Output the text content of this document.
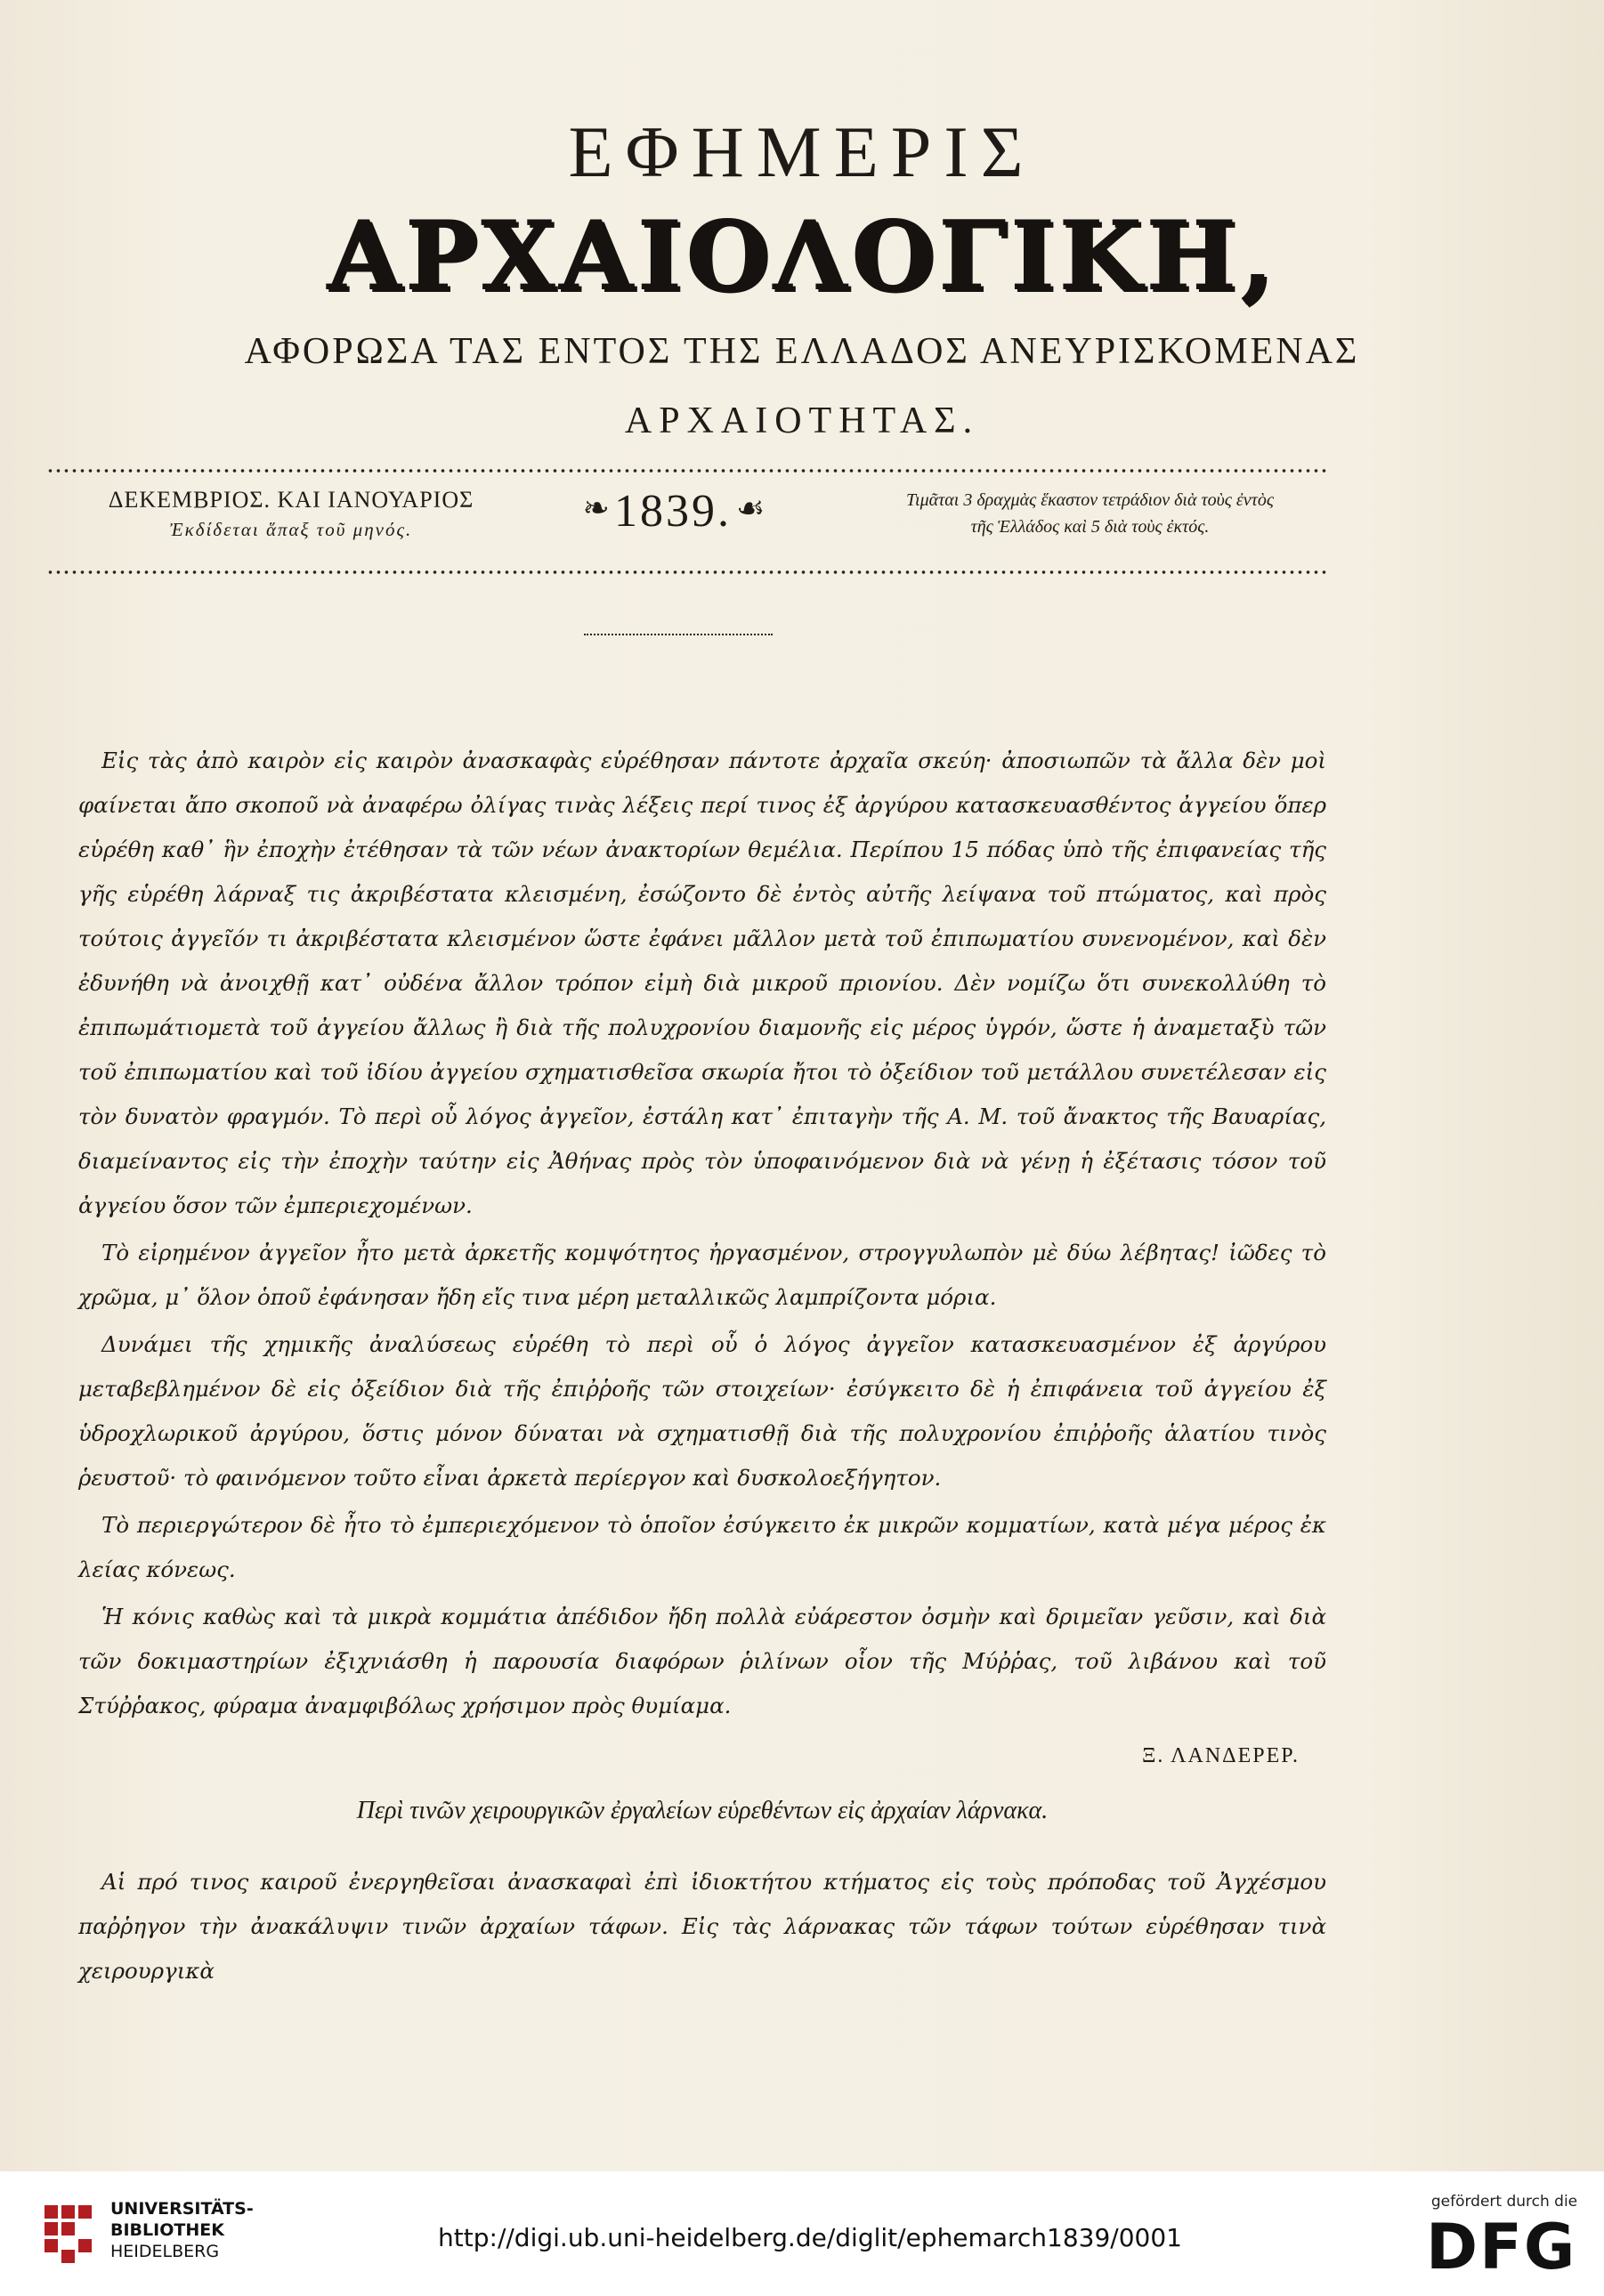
ΕΦΗΜΕΡΙΣ
ΑΡΧΑΙΟΛΟΓΙΚΗ,
ΑΦΟΡΩΣΑ ΤΑΣ ΕΝΤΟΣ ΤΗΣ ΕΛΛΑΔΟΣ ΑΝΕΥΡΙΣΚΟΜΕΝΑΣ
ΑΡΧΑΙΟΤΗΤΑΣ.
ΔΕΚΕΜΒΡΙΟΣ. ΚΑΙ ΙΑΝΟΥΑΡΙΟΣ
Ἐκδίδεται ἅπαξ τοῦ μηνός.
❧ 1839. ☙	Τιμᾶται 3 δραχμὰς ἕκαστον τετράδιον διὰ τοὺς ἐντὸς
τῆς Ἑλλάδος καὶ 5 διὰ τοὺς ἐκτός.

Εἰς τὰς ἀπὸ καιρὸν εἰς καιρὸν ἀνασκαφὰς εὑρέθησαν πάντοτε ἀρχαῖα σκεύη· ἀποσιωπῶν τὰ ἄλλα δὲν μοὶ φαίνεται ἄπο σκοποῦ νὰ ἀναφέρω ὀλίγας τινὰς λέξεις περί τινος ἐξ ἀργύρου κατασκευασθέντος ἀγγείου ὅπερ εὑρέθη καθ᾽ ἣν ἐποχὴν ἐτέθησαν τὰ τῶν νέων ἀνακτορίων θεμέλια. Περίπου 15 πόδας ὑπὸ τῆς ἐπιφανείας τῆς γῆς εὑρέθη λάρναξ τις ἀκριβέστατα κλεισμένη, ἐσώζοντο δὲ ἐντὸς αὐτῆς λείψανα τοῦ πτώματος, καὶ πρὸς τούτοις ἀγγεῖόν τι ἀκριβέστατα κλεισμένον ὥστε ἐφάνει μᾶλλον μετὰ τοῦ ἐπιπωματίου συνενομένον, καὶ δὲν ἐδυνήθη νὰ ἀνοιχθῇ κατ᾽ οὐδένα ἄλλον τρόπον εἰμὴ διὰ μικροῦ πριονίου. Δὲν νομίζω ὅτι συνεκολλύθη τὸ ἐπιπωμάτιομετὰ τοῦ ἀγγείου ἄλλως ἢ διὰ τῆς πολυχρονίου διαμονῆς εἰς μέρος ὑγρόν, ὥστε ἡ ἀναμεταξὺ τῶν τοῦ ἐπιπωματίου καὶ τοῦ ἰδίου ἀγγείου σχηματισθεῖσα σκωρία ἤτοι τὸ ὀξείδιον τοῦ μετάλλου συνετέλεσαν εἰς τὸν δυνατὸν φραγμόν. Τὸ περὶ οὗ λόγος ἀγγεῖον, ἐστάλη κατ᾽ ἐπιταγὴν τῆς Α. Μ. τοῦ ἄνακτος τῆς Βαυαρίας, διαμείναντος εἰς τὴν ἐποχὴν ταύτην εἰς Ἀθήνας πρὸς τὸν ὑποφαινόμενον διὰ νὰ γένῃ ἡ ἐξέτασις τόσον τοῦ ἀγγείου ὅσον τῶν ἐμπεριεχομένων.

Τὸ εἰρημένον ἀγγεῖον ἦτο μετὰ ἀρκετῆς κομψότητος ἠργασμένον, στρογγυλωπὸν μὲ δύω λέβητας! ἰῶδες τὸ χρῶμα, μ᾽ ὅλον ὁποῦ ἐφάνησαν ἤδη εἴς τινα μέρη μεταλλικῶς λαμπρίζοντα μόρια.

Δυνάμει τῆς χημικῆς ἀναλύσεως εὑρέθη τὸ περὶ οὗ ὁ λόγος ἀγγεῖον κατασκευασμένον ἐξ ἀργύρου μεταβεβλημένον δὲ εἰς ὀξείδιον διὰ τῆς ἐπιῤῥοῆς τῶν στοιχείων· ἐσύγκειτο δὲ ἡ ἐπιφάνεια τοῦ ἀγγείου ἐξ ὑδροχλωρικοῦ ἀργύρου, ὅστις μόνον δύναται νὰ σχηματισθῇ διὰ τῆς πολυχρονίου ἐπιῤῥοῆς ἁλατίου τινὸς ῥευστοῦ· τὸ φαινόμενον τοῦτο εἶναι ἀρκετὰ περίεργον καὶ δυσκολοεξήγητον.

Τὸ περιεργώτερον δὲ ἦτο τὸ ἐμπεριεχόμενον τὸ ὁποῖον ἐσύγκειτο ἐκ μικρῶν κομματίων, κατὰ μέγα μέρος ἐκ λείας κόνεως.

Ἡ κόνις καθὼς καὶ τὰ μικρὰ κομμάτια ἀπέδιδον ἤδη πολλὰ εὐάρεστον ὀσμὴν καὶ δριμεῖαν γεῦσιν, καὶ διὰ τῶν δοκιμαστηρίων ἐξιχνιάσθη ἡ παρουσία διαφόρων ῥιλίνων οἷον τῆς Μύῤῥας, τοῦ λιβάνου καὶ τοῦ Στύῤῥακος, φύραμα ἀναμφιβόλως χρήσιμον πρὸς θυμίαμα.

Ξ. ΛΑΝΔΕΡΕΡ.
Περὶ τινῶν χειρουργικῶν ἐργαλείων εὑρεθέντων εἰς ἀρχαίαν λάρνακα.

Αἱ πρό τινος καιροῦ ἐνεργηθεῖσαι ἀνασκαφαὶ ἐπὶ ἰδιοκτήτου κτήματος εἰς τοὺς πρόποδας τοῦ Ἀγχέσμου παῤῥηγον τὴν ἀνακάλυψιν τινῶν ἀρχαίων τάφων. Εἰς τὰς λάρνακας τῶν τάφων τούτων εὑρέθησαν τινὰ χειρουργικὰ

UNIVERSITÄTS-
BIBLIOTHEK
HEIDELBERG	http://digi.ub.uni-heidelberg.de/diglit/ephemarch1839/0001
gefördert durch die
DFG
